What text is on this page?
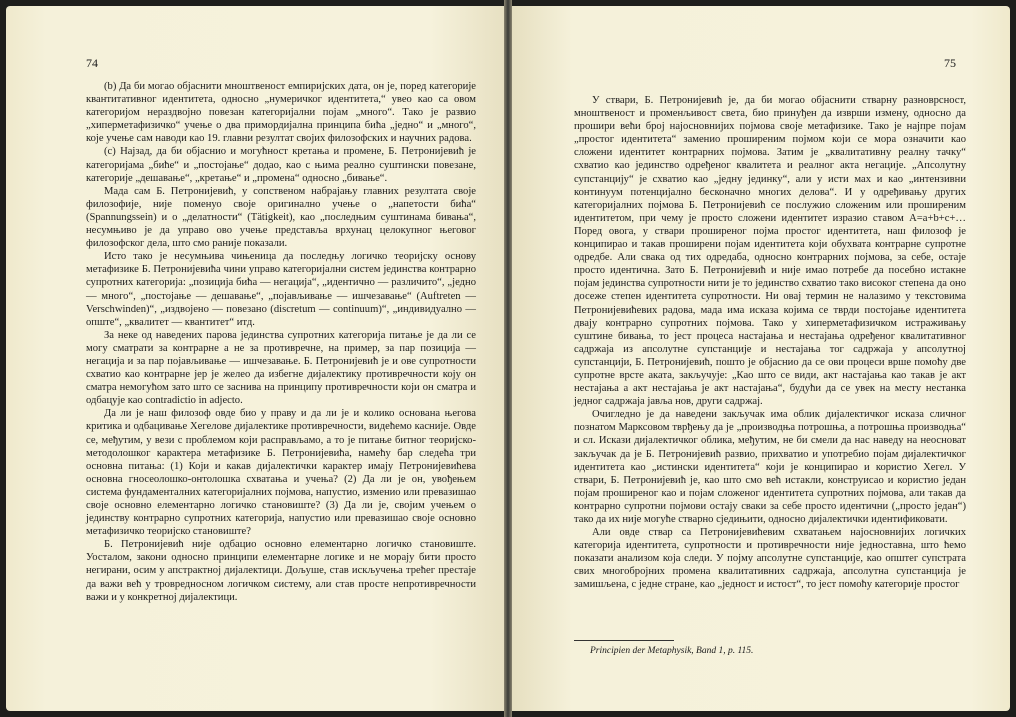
74

(b) Да би могао објаснити мноштвеност емпиријских дата, он је, поред категорије квантитативног идентитета, односно „нумеричког идентитета,“ увео као са овом категоријом нераздвојно повезан категоријални појам „много“. Тако је развио „хиперметафизичко“ учење о два примордијална принципа бића „једно“ и „много“, које учење сам наводи као 19. главни резултат својих филозофских и научних радова.

(c) Најзад, да би објаснио и могућност кретања и промене, Б. Петронијевић је категоријама „биће“ и „постојање“ додао, као с њима реално суштински повезане, категорије „дешавање“, „кретање“ и „промена“ односно „бивање“.

Мада сам Б. Петронијевић, у сопственом набрајању главних резултата своје филозофије, није поменуо своје оригинално учење о „напетости бића“ (Spannungssein) и о „делатности“ (Tätigkeit), као „последњим суштинама бивања“, несумњиво је да управо ово учење представља врхунац целокупног његовог филозофског дела, што смо раније показали.

Исто тако је несумњива чињеница да последњу логичко теоријску основу метафизике Б. Петронијевића чини управо категоријални систем јединства контрарно супротних категорија: „позиција бића — негација“, „идентично — различито“, „једно — много“, „постојање — дешавање“, „појављивање — ишчезавање“ (Auftreten — Verschwinden)“, „издвојено — повезано (discretum — continuum)“, „индивидуално — опште“, „квалитет — квантитет“ итд.

За неке од наведених парова јединства супротних категорија питање је да ли се могу сматрати за контрарне а не за противречне, на пример, за пар позиција — негација и за пар појављивање — ишчезавање. Б. Петронијевић је и ове супротности схватио као контрарне јер је желео да избегне дијалектику противречности коју он сматра немогућом зато што се заснива на принципу противречности који он сматра и одбацује као contradictio in adjecto.

Да ли је наш филозоф овде био у праву и да ли је и колико основана његова критика и одбацивање Хегелове дијалектике противречности, видећемо касније. Овде се, међутим, у вези с проблемом који расправљамо, а то је питање битног теоријско-методолошког карактера метафизике Б. Петронијевића, намећу бар следећа три основна питања: (1) Који и какав дијалектички карактер имају Петронијевићева основна гносеолошко-онтолошка схватања и учења? (2) Да ли је он, увођењем система фундаменталних категоријалних појмова, напустио, изменио или превазишао своје основно елементарно логичко становиште? (3) Да ли је, својим учењем о јединству контрарно супротних категорија, напустио или превазишао своје основно метафизичко теоријско становиште?

Б. Петронијевић није одбацио основно елементарно логичко становиште. Уосталом, закони односно принципи елементарне логике и не морају бити просто негирани, осим у апстрактној дијалектици. Дољуше, став искључења трећег престаје да важи већ у тровредносном логичком систему, али став просте непротивречности важи и у конкретној дијалектици.

75

У ствари, Б. Петронијевић је, да би могао објаснити стварну разноврсност, мноштвеност и променљивост света, био принуђен да изврши измену, односно да прошири већи број најосновнијих појмова своје метафизике. Тако је најпре појам „простог идентитета“ заменио проширеним појмом који се мора означити као сложени идентитет контрарних појмова. Затим је „квалитативну реалну тачку“ схватио као јединство одређеног квалитета и реалног акта негације. „Апсолутну супстанцију“ је схватио као „једну јединку“, али у исти мах и као „интензивни континуум потенцијално бесконачно многих делова“. И у одређивању других категоријалних појмова Б. Петронијевић се послужио сложеним или проширеним идентитетом, при чему је просто сложени идентитет изразио ставом A=a+b+c+… Поред овога, у ствари проширеног појма простог идентитета, наш филозоф је конципирао и такав проширени појам идентитета који обухвата контрарне супротне одредбе. Али свака од тих одредаба, односно контрарних појмова, за себе, остаје просто идентична. Зато Б. Петронијевић и није имао потребе да посебно истакне појам јединства супротности нити је то јединство схватио тако високог степена да оно досеже степен идентитета супротности. Ни овај термин не налазимо у текстовима Петронијевићевих радова, мада има исказа којима се тврди постојање идентитета двају контрарно супротних појмова. Тако у хиперметафизичком истраживању суштине бивања, то јест процеса настајања и нестајања одређеног квалитативног садржаја из апсолутне супстанције и нестајања тог садржаја у апсолутној супстанцији, Б. Петронијевић, пошто је објаснио да се ови процеси врше помоћу две супротне врсте аката, закључује: „Као што се види, акт настајања као такав је акт нестајања а акт нестајања је акт настајања“, будући да се увек на месту нестанка једног садржаја јавља нов, други садржај.

Очигледно је да наведени закључак има облик дијалектичког исказа сличног познатом Марксовом тврђењу да је „производња потрошња, а потрошња производња“ и сл. Искази дијалектичког облика, међутим, не би смели да нас наведу на неосноват закључак да је Б. Петронијевић развио, прихватио и употребио појам дијалектичког идентитета као „истински идентитета“ који је конципирао и користио Хегел. У ствари, Б. Петронијевић је, као што смо већ истакли, конструисао и користио један појам проширеног као и појам сложеног идентитета супротних појмова, али такав да контрарно супротни појмови остају сваки за себе просто идентични („просто један“) тако да их није могуће стварно сједињити, односно дијалектички идентификовати.

Али овде ствар са Петронијевићевим схватањем најосновнијих логичких категорија идентитета, супротности и противречности није једноставна, што ћемо показати анализом која следи. У појму апсолутне супстанције, као општег супстрата свих многобројних промена квалитативних садржаја, апсолутна супстанција је замишљена, с једне стране, као „једност и истост“, то јест помоћу категорије простог

Principien der Metaphysik, Band 1, p. 115.
